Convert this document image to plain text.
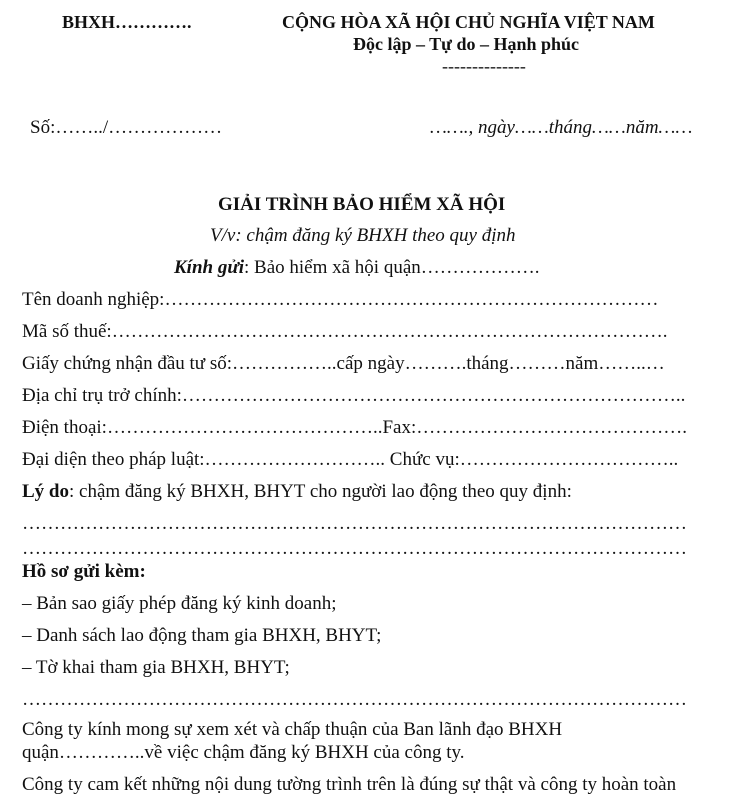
BHXH………….	CỘNG HÒA XÃ HỘI CHỦ NGHĨA VIỆT NAM
Độc lập – Tự do – Hạnh phúc
--------------
Số:……../………………	……., ngày……tháng……năm……
GIẢI TRÌNH BẢO HIỂM XÃ HỘI
V/v: chậm đăng ký BHXH theo quy định
Kính gửi: Bảo hiểm xã hội quận……………….
Tên doanh nghiệp:……………………………………………………………………
Mã số thuế:…………………………………………………………………………….
Giấy chứng nhận đầu tư số:……………..cấp ngày……….tháng………năm……..…
Địa chỉ trụ trở chính:……………………………………………………………………..
Điện thoại:……………………………………..Fax:…………………………………….
Đại diện theo pháp luật:……………………….. Chức vụ:……………………………..
Lý do: chậm đăng ký BHXH, BHYT cho người lao động theo quy định:
……………………………………………………………………………………………
……………………………………………………………………………………………
Hồ sơ gửi kèm:
– Bản sao giấy phép đăng ký kinh doanh;
– Danh sách lao động tham gia BHXH, BHYT;
– Tờ khai tham gia BHXH, BHYT;
……………………………………………………………………………………………
Công ty kính mong sự xem xét và chấp thuận của Ban lãnh đạo BHXH
quận…………..về việc chậm đăng ký BHXH của công ty.
Công ty cam kết những nội dung tường trình trên là đúng sự thật và công ty hoàn toàn
